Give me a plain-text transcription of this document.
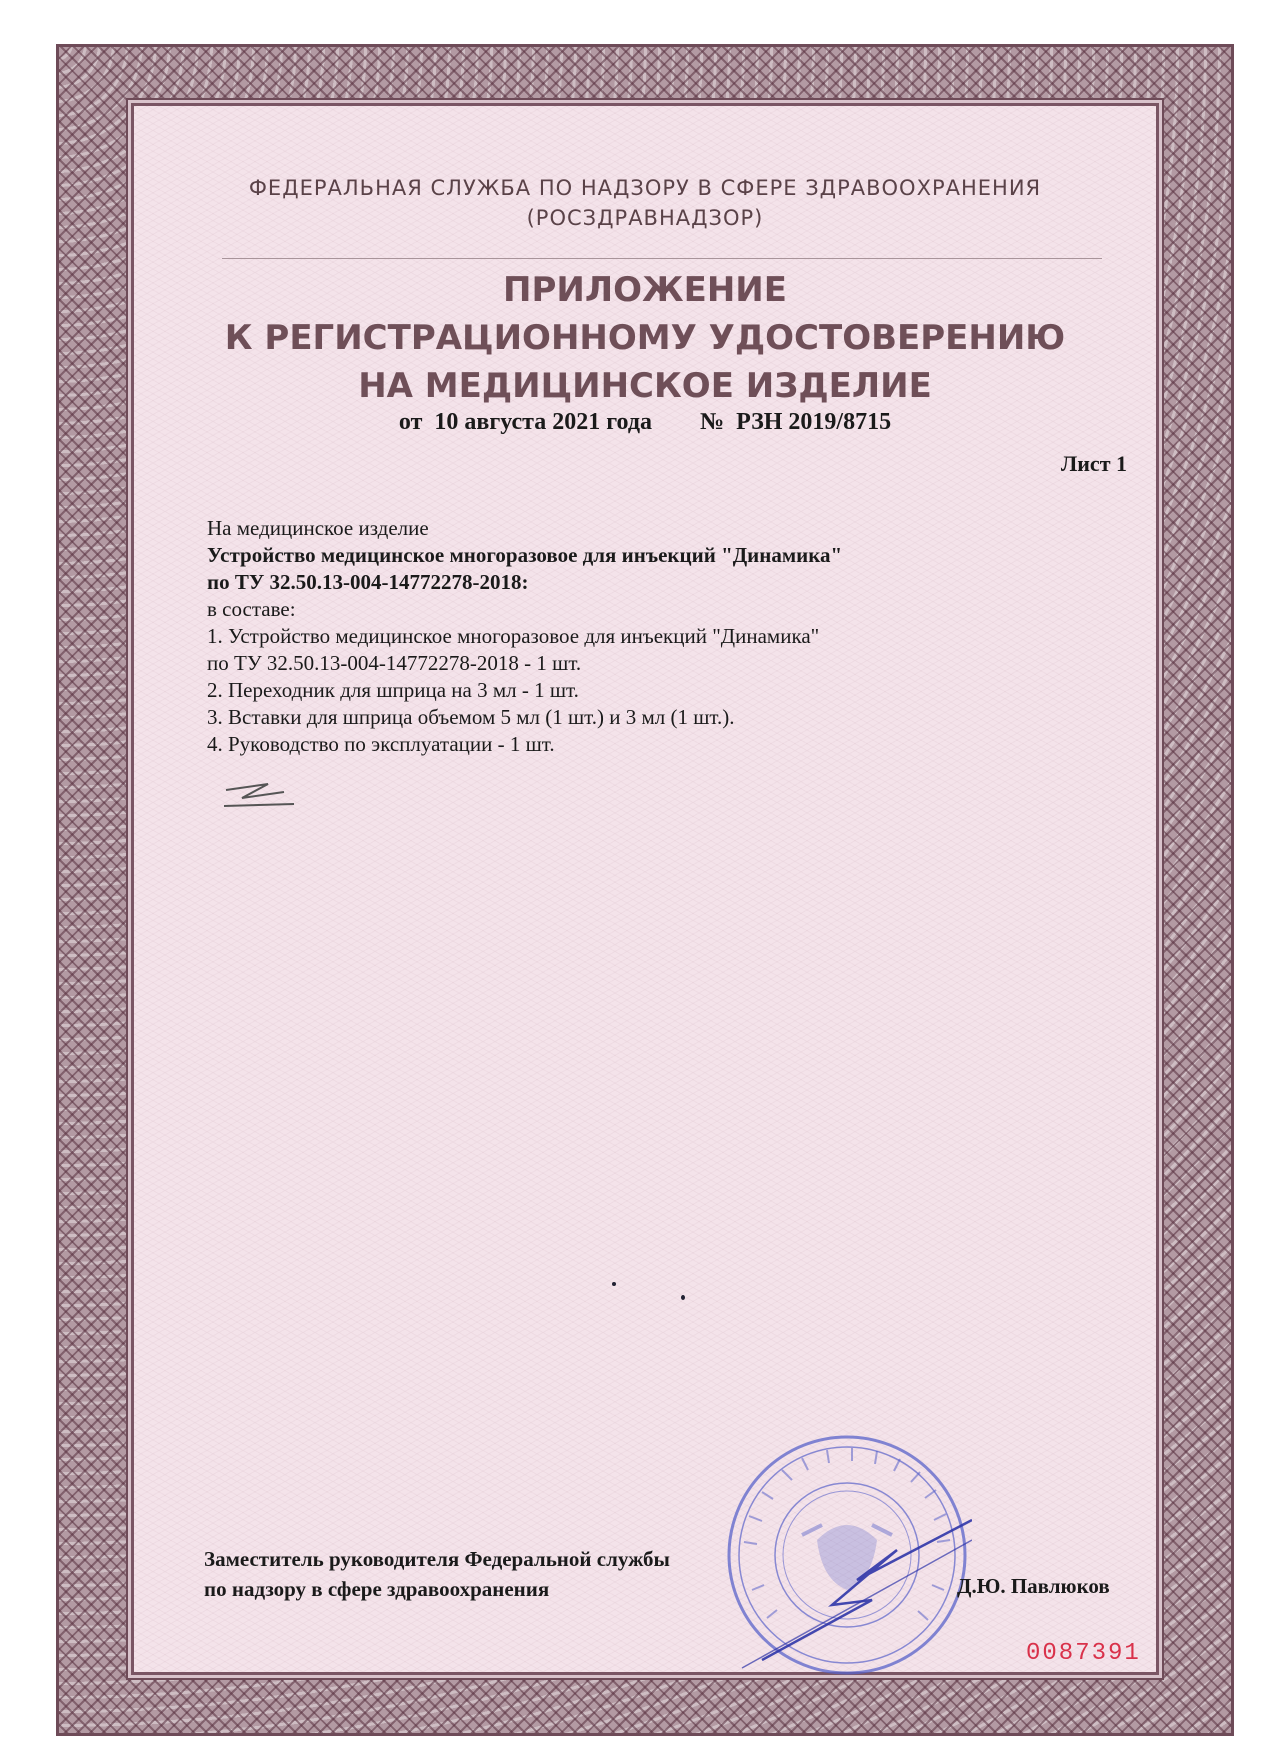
ФЕДЕРАЛЬНАЯ СЛУЖБА ПО НАДЗОРУ В СФЕРЕ ЗДРАВООХРАНЕНИЯ
(РОСЗДРАВНАДЗОР)
ПРИЛОЖЕНИЕ
К РЕГИСТРАЦИОННОМУ УДОСТОВЕРЕНИЮ
НА МЕДИЦИНСКОЕ ИЗДЕЛИЕ
от  10 августа 2021 года №  РЗН 2019/8715
Лист 1
На медицинское изделие
Устройство медицинское многоразовое для инъекций "Динамика"
по ТУ 32.50.13-004-14772278-2018:
в составе:
1. Устройство медицинское многоразовое для инъекций "Динамика"
по ТУ 32.50.13-004-14772278-2018 - 1 шт.
2. Переходник для шприца на 3 мл - 1 шт.
3. Вставки для шприца объемом 5 мл (1 шт.) и 3 мл (1 шт.).
4. Руководство по эксплуатации - 1 шт.
Заместитель руководителя Федеральной службы
по надзору в сфере здравоохранения	Д.Ю. Павлюков
0087391
